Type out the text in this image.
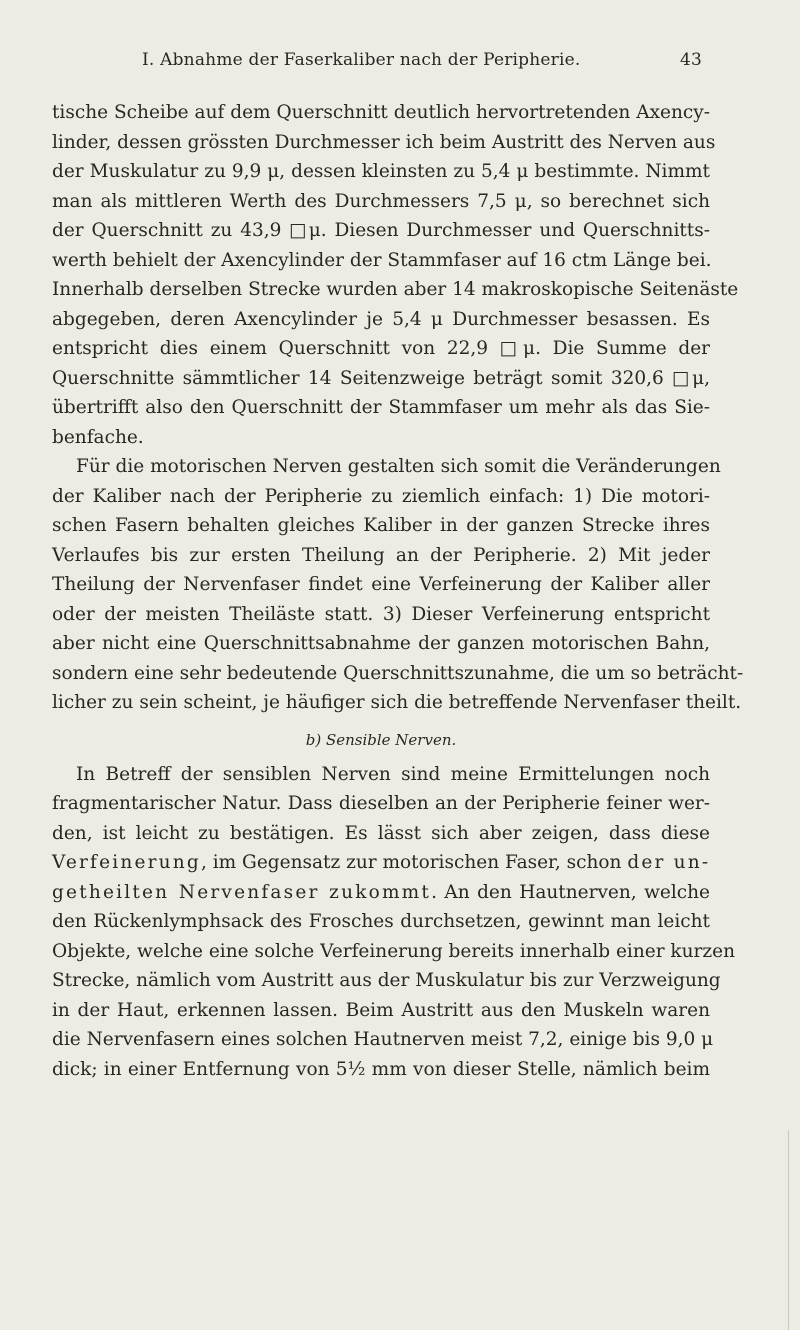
I. Abnahme der Faserkaliber nach der Peripherie.	43
tische Scheibe auf dem Querschnitt deutlich hervortretenden Axency-
linder, dessen grössten Durchmesser ich beim Austritt des Nerven aus
der Muskulatur zu 9,9 μ, dessen kleinsten zu 5,4 μ bestimmte. Nimmt
man als mittleren Werth des Durchmessers 7,5 μ, so berechnet sich
der Querschnitt zu 43,9 □μ. Diesen Durchmesser und Querschnitts-
werth behielt der Axencylinder der Stammfaser auf 16 ctm Länge bei.
Innerhalb derselben Strecke wurden aber 14 makroskopische Seitenäste
abgegeben, deren Axencylinder je 5,4 μ Durchmesser besassen. Es
entspricht dies einem Querschnitt von 22,9 □μ. Die Summe der
Querschnitte sämmtlicher 14 Seitenzweige beträgt somit 320,6 □μ,
übertrifft also den Querschnitt der Stammfaser um mehr als das Sie-
benfache.
Für die motorischen Nerven gestalten sich somit die Veränderungen
der Kaliber nach der Peripherie zu ziemlich einfach: 1) Die motori-
schen Fasern behalten gleiches Kaliber in der ganzen Strecke ihres
Verlaufes bis zur ersten Theilung an der Peripherie. 2) Mit jeder
Theilung der Nervenfaser findet eine Verfeinerung der Kaliber aller
oder der meisten Theiläste statt. 3) Dieser Verfeinerung entspricht
aber nicht eine Querschnittsabnahme der ganzen motorischen Bahn,
sondern eine sehr bedeutende Querschnittszunahme, die um so beträcht-
licher zu sein scheint, je häufiger sich die betreffende Nervenfaser theilt.
b) Sensible Nerven.
In Betreff der sensiblen Nerven sind meine Ermittelungen noch
fragmentarischer Natur. Dass dieselben an der Peripherie feiner wer-
den, ist leicht zu bestätigen. Es lässt sich aber zeigen, dass diese
Verfeinerung, im Gegensatz zur motorischen Faser, schon der un-
getheilten Nervenfaser zukommt. An den Hautnerven, welche
den Rückenlymphsack des Frosches durchsetzen, gewinnt man leicht
Objekte, welche eine solche Verfeinerung bereits innerhalb einer kurzen
Strecke, nämlich vom Austritt aus der Muskulatur bis zur Verzweigung
in der Haut, erkennen lassen. Beim Austritt aus den Muskeln waren
die Nervenfasern eines solchen Hautnerven meist 7,2, einige bis 9,0 μ
dick; in einer Entfernung von 5½ mm von dieser Stelle, nämlich beim
